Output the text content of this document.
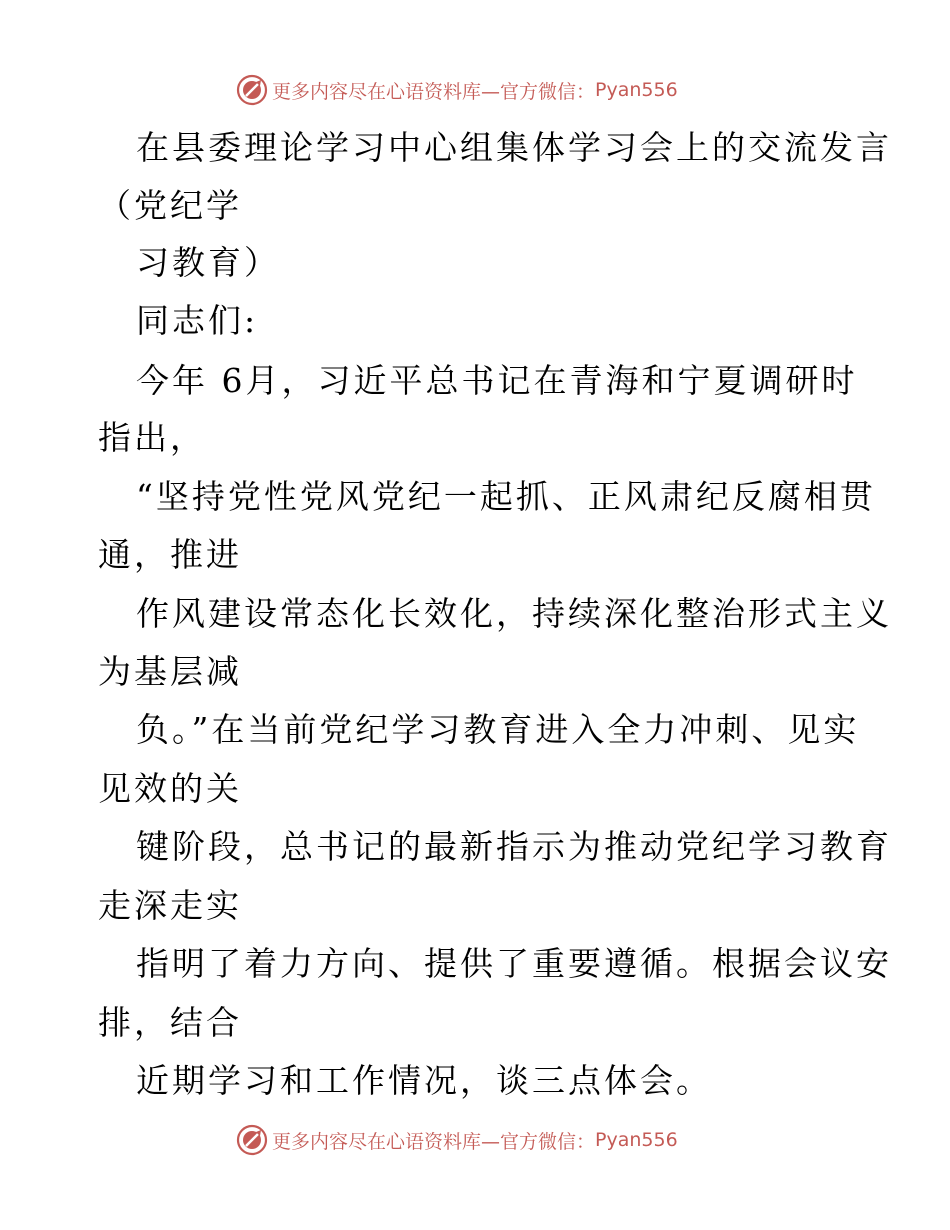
更多内容尽在心语资料库—官方微信： Pyan556
在县委理论学习中心组集体学习会上的交流发言
（党纪学
习教育）
同志们:
今年 6月，习近平总书记在青海和宁夏调研时
指出，
“坚持党性党风党纪一起抓、正风肃纪反腐相贯
通，推进
作风建设常态化长效化，持续深化整治形式主义
为基层减
负。”在当前党纪学习教育进入全力冲刺、见实
见效的关
键阶段，总书记的最新指示为推动党纪学习教育
走深走实
指明了着力方向、提供了重要遵循。根据会议安
排，结合
近期学习和工作情况，谈三点体会。
更多内容尽在心语资料库—官方微信： Pyan556
